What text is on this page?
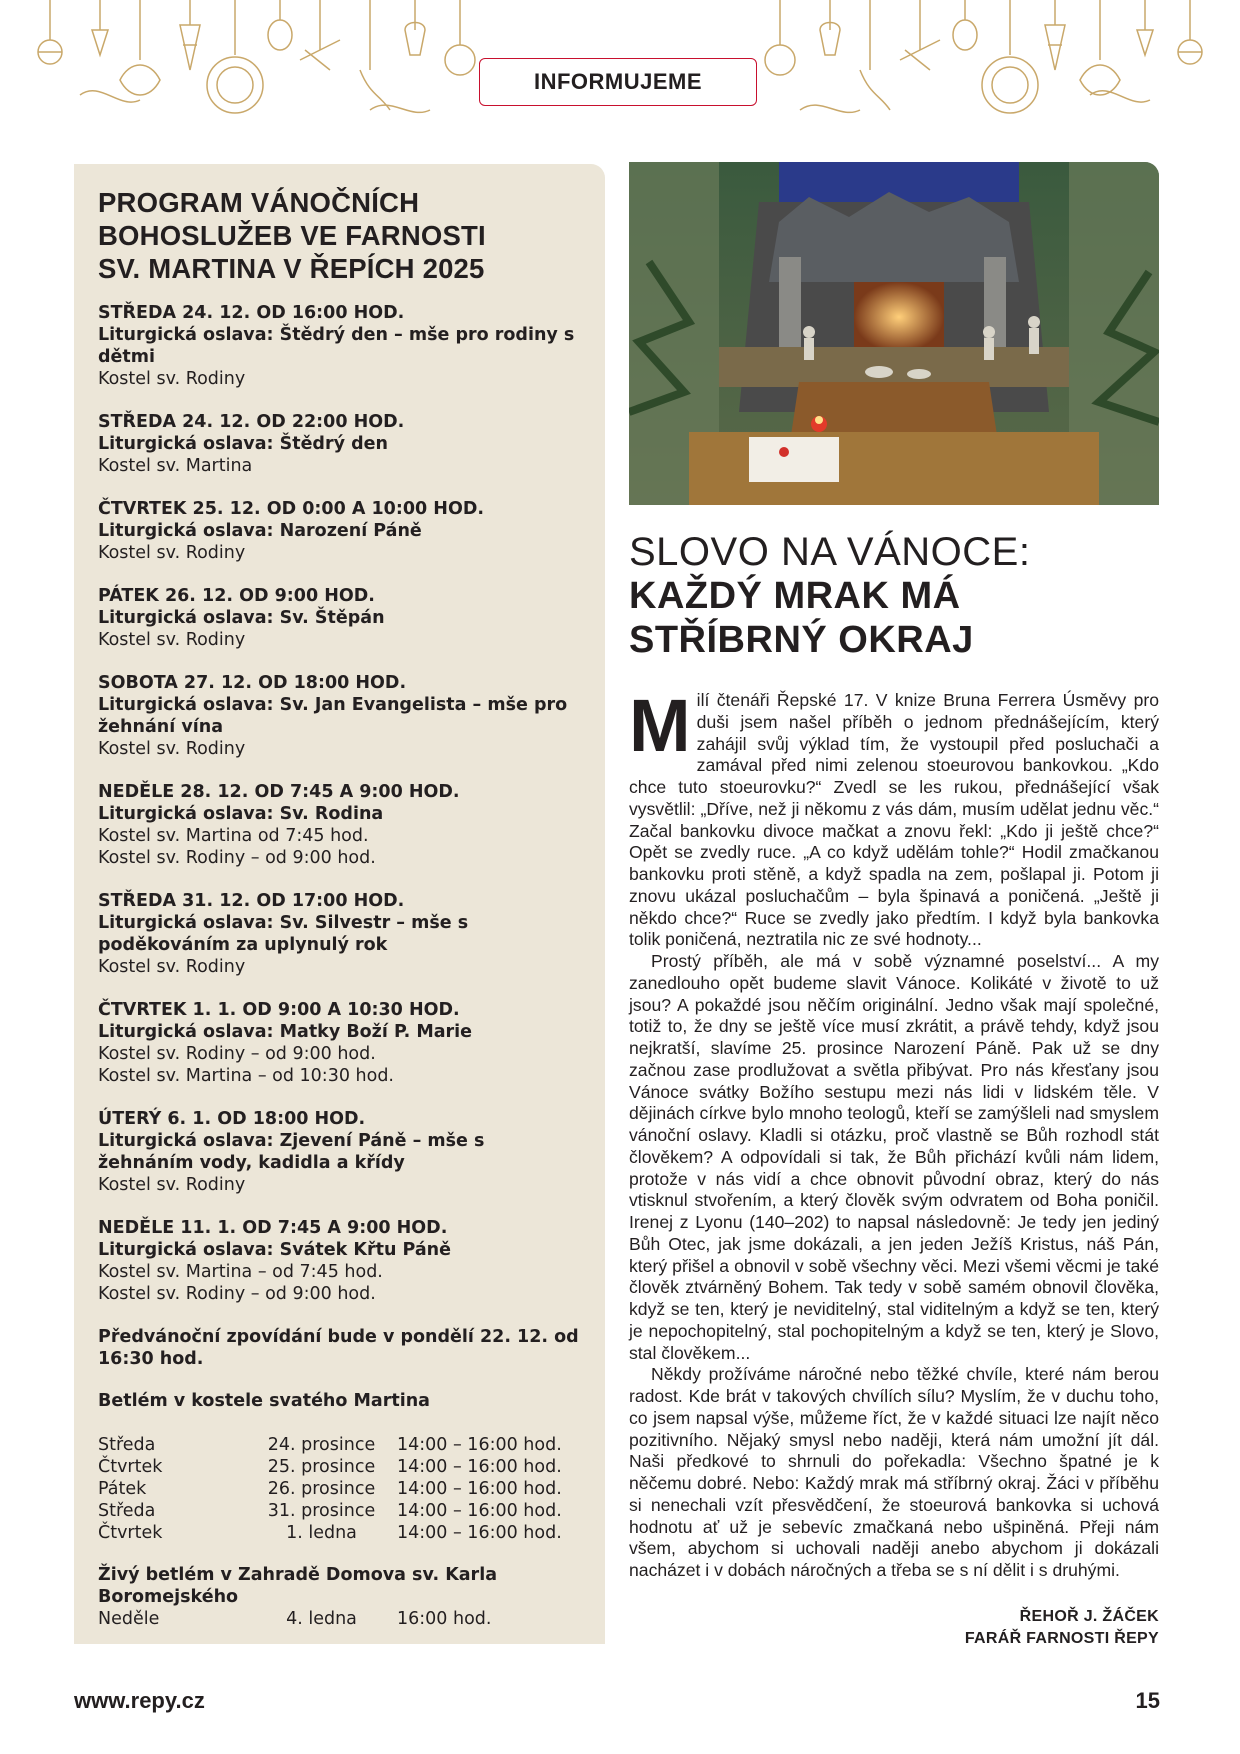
INFORMUJEME
PROGRAM VÁNOČNÍCH
BOHOSLUŽEB VE FARNOSTI
SV. MARTINA V ŘEPÍCH 2025
STŘEDA 24. 12. OD 16:00 HOD.
Liturgická oslava: Štědrý den – mše pro rodiny s dětmi
Kostel sv. Rodiny
STŘEDA 24. 12. OD 22:00 HOD.
Liturgická oslava: Štědrý den
Kostel sv. Martina
ČTVRTEK 25. 12. OD 0:00 A 10:00 HOD.
Liturgická oslava: Narození Páně
Kostel sv. Rodiny
PÁTEK 26. 12. OD 9:00 HOD.
Liturgická oslava: Sv. Štěpán
Kostel sv. Rodiny
SOBOTA 27. 12. OD 18:00 HOD.
Liturgická oslava: Sv. Jan Evangelista – mše pro žehnání vína
Kostel sv. Rodiny
NEDĚLE 28. 12. OD 7:45 A 9:00 HOD.
Liturgická oslava: Sv. Rodina
Kostel sv. Martina od 7:45 hod.
Kostel sv. Rodiny – od 9:00 hod.
STŘEDA 31. 12. OD 17:00 HOD.
Liturgická oslava: Sv. Silvestr – mše s poděkováním za uplynulý rok
Kostel sv. Rodiny
ČTVRTEK 1. 1. OD 9:00 A 10:30 HOD.
Liturgická oslava: Matky Boží P. Marie
Kostel sv. Rodiny – od 9:00 hod.
Kostel sv. Martina – od 10:30 hod.
ÚTERÝ 6. 1. OD 18:00 HOD.
Liturgická oslava: Zjevení Páně – mše s žehnáním vody, kadidla a křídy
Kostel sv. Rodiny
NEDĚLE 11. 1. OD 7:45 A 9:00 HOD.
Liturgická oslava: Svátek Křtu Páně
Kostel sv. Martina – od 7:45 hod.
Kostel sv. Rodiny – od 9:00 hod.
Předvánoční zpovídání bude v pondělí 22. 12. od 16:30 hod.
Betlém v kostele svatého Martina
Středa	24. prosince	14:00 – 16:00 hod.
Čtvrtek	25. prosince	14:00 – 16:00 hod.
Pátek	26. prosince	14:00 – 16:00 hod.
Středa	31. prosince	14:00 – 16:00 hod.
Čtvrtek	1. ledna	14:00 – 16:00 hod.
Živý betlém v Zahradě Domova sv. Karla Boromejského
Neděle	4. ledna	16:00 hod.
SLOVO NA VÁNOCE:
KAŽDÝ MRAK MÁ
STŘÍBRNÝ OKRAJ

Milí čtenáři Řepské 17. V knize Bruna Ferrera Úsměvy pro duši jsem našel příběh o jednom přednášejícím, který zahájil svůj výklad tím, že vystoupil před posluchači a zamával před nimi zelenou stoeurovou bankovkou. „Kdo chce tuto stoeurovku?“ Zvedl se les rukou, přednášející však vysvětlil: „Dříve, než ji někomu z vás dám, musím udělat jednu věc.“ Začal bankovku divoce mačkat a znovu řekl: „Kdo ji ještě chce?“ Opět se zvedly ruce. „A co když udělám tohle?“ Hodil zmačkanou bankovku proti stěně, a když spadla na zem, pošlapal ji. Potom ji znovu ukázal posluchačům – byla špinavá a poničená. „Ještě ji někdo chce?“ Ruce se zvedly jako předtím. I když byla bankovka tolik poničená, neztratila nic ze své hodnoty...

Prostý příběh, ale má v sobě významné poselství... A my zanedlouho opět budeme slavit Vánoce. Kolikáté v životě to už jsou? A pokaždé jsou něčím originální. Jedno však mají společné, totiž to, že dny se ještě více musí zkrátit, a právě tehdy, když jsou nejkratší, slavíme 25. prosince Narození Páně. Pak už se dny začnou zase prodlužovat a světla přibývat. Pro nás křesťany jsou Vánoce svátky Božího sestupu mezi nás lidi v lidském těle. V dějinách církve bylo mnoho teologů, kteří se zamýšleli nad smyslem vánoční oslavy. Kladli si otázku, proč vlastně se Bůh rozhodl stát člověkem? A odpovídali si tak, že Bůh přichází kvůli nám lidem, protože v nás vidí a chce obnovit původní obraz, který do nás vtisknul stvořením, a který člověk svým odvratem od Boha poničil. Irenej z Lyonu (140–202) to napsal následovně: Je tedy jen jediný Bůh Otec, jak jsme dokázali, a jen jeden Ježíš Kristus, náš Pán, který přišel a obnovil v sobě všechny věci. Mezi všemi věcmi je také člověk ztvárněný Bohem. Tak tedy v sobě samém obnovil člověka, když se ten, který je neviditelný, stal viditelným a když se ten, který je nepochopitelný, stal pochopitelným a když se ten, který je Slovo, stal člověkem...

Někdy prožíváme náročné nebo těžké chvíle, které nám berou radost. Kde brát v takových chvílích sílu? Myslím, že v duchu toho, co jsem napsal výše, můžeme říct, že v každé situaci lze najít něco pozitivního. Nějaký smysl nebo naději, která nám umožní jít dál. Naši předkové to shrnuli do pořekadla: Všechno špatné je k něčemu dobré. Nebo: Každý mrak má stříbrný okraj. Žáci v příběhu si nenechali vzít přesvědčení, že stoeurová bankovka si uchová hodnotu ať už je sebevíc zmačkaná nebo ušpiněná. Přeji nám všem, abychom si uchovali naději anebo abychom ji dokázali nacházet i v dobách náročných a třeba se s ní dělit i s druhými.

ŘEHOŘ J. ŽÁČEK
FARÁŘ FARNOSTI ŘEPY
www.repy.cz	15
